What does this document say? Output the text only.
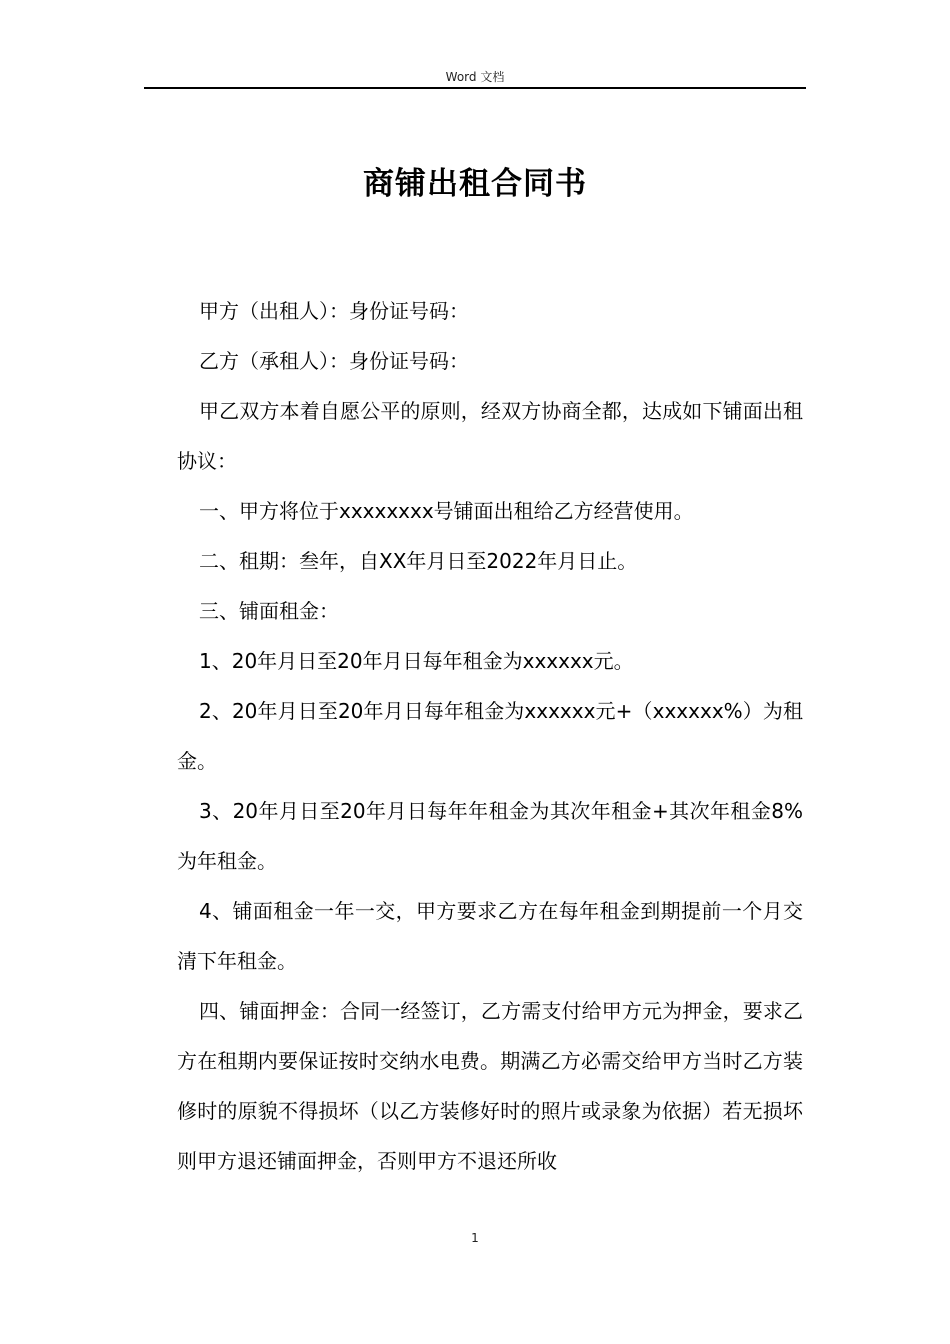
Word 文档
商铺出租合同书

甲方（出租人）：身份证号码：

乙方（承租人）：身份证号码：

甲乙双方本着自愿公平的原则，经双方协商全都，达成如下铺面出租协议：

一、甲方将位于xxxxxxxx号铺面出租给乙方经营使用。

二、租期：叁年，自XX年月日至2022年月日止。

三、铺面租金：

1、20年月日至20年月日每年租金为xxxxxx元。

2、20年月日至20年月日每年租金为xxxxxx元+（xxxxxx%）为租金。

3、20年月日至20年月日每年年租金为其次年租金+其次年租金8%为年租金。

4、铺面租金一年一交，甲方要求乙方在每年租金到期提前一个月交清下年租金。

四、铺面押金：合同一经签订，乙方需支付给甲方元为押金，要求乙方在租期内要保证按时交纳水电费。期满乙方必需交给甲方当时乙方装修时的原貌不得损坏（以乙方装修好时的照片或录象为依据）若无损坏则甲方退还铺面押金，否则甲方不退还所收

1
